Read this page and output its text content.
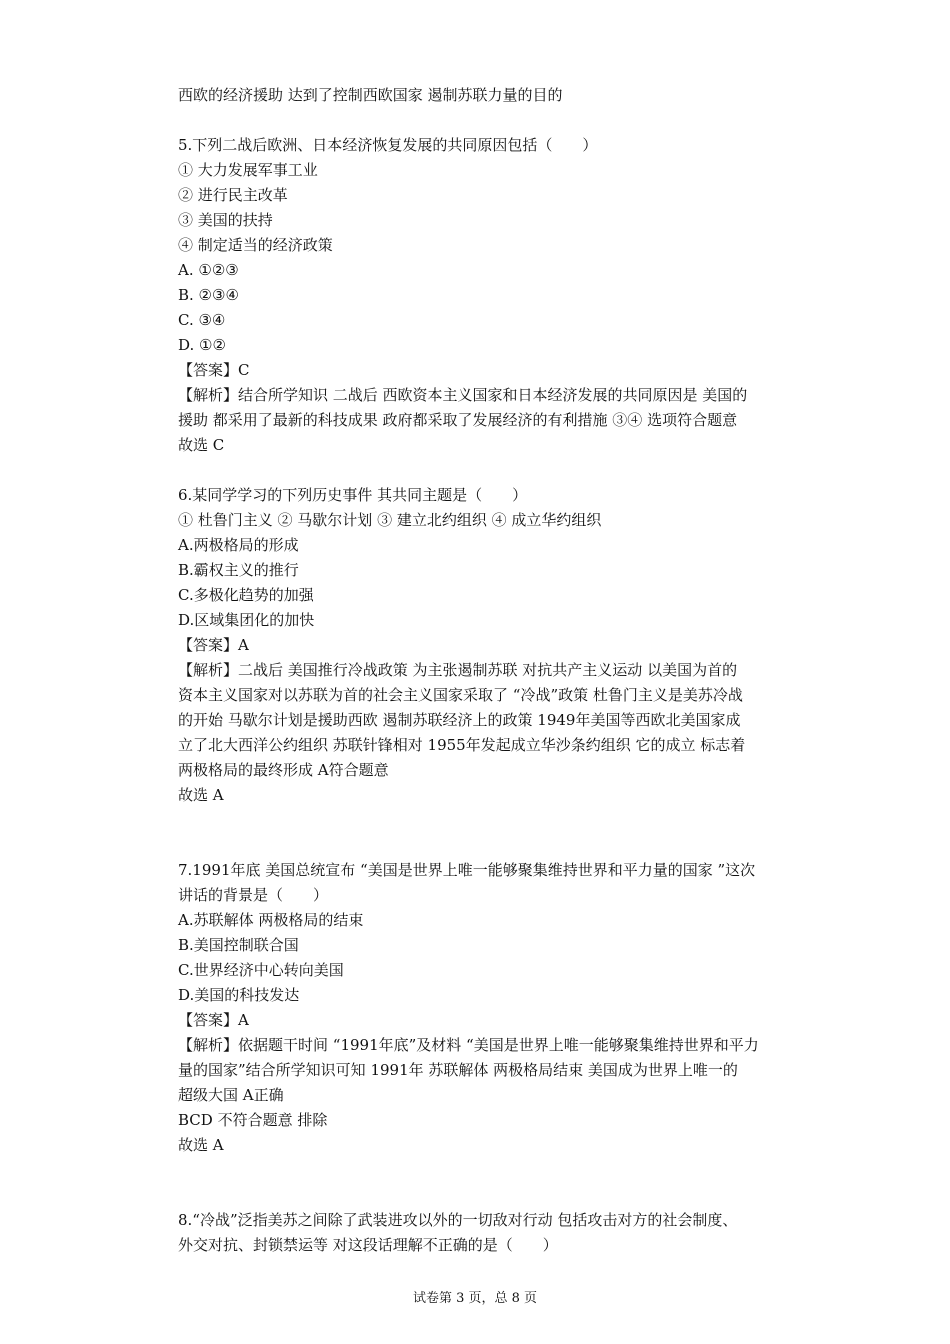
西欧的经济援助 达到了控制西欧国家 遏制苏联力量的目的
5.下列二战后欧洲、日本经济恢复发展的共同原因包括（　　）
① 大力发展军事工业
② 进行民主改革
③ 美国的扶持
④ 制定适当的经济政策
A. ①②③
B. ②③④
C. ③④
D. ①②
【答案】C
【解析】结合所学知识 二战后 西欧资本主义国家和日本经济发展的共同原因是 美国的
援助 都采用了最新的科技成果 政府都采取了发展经济的有利措施 ③④ 选项符合题意
故选 C
6.某同学学习的下列历史事件 其共同主题是（　　）
① 杜鲁门主义 ② 马歇尔计划 ③ 建立北约组织 ④ 成立华约组织
A.两极格局的形成
B.霸权主义的推行
C.多极化趋势的加强
D.区域集团化的加快
【答案】A
【解析】二战后 美国推行冷战政策 为主张遏制苏联 对抗共产主义运动 以美国为首的
资本主义国家对以苏联为首的社会主义国家采取了 “冷战”政策 杜鲁门主义是美苏冷战
的开始 马歇尔计划是援助西欧 遏制苏联经济上的政策 1949年美国等西欧北美国家成
立了北大西洋公约组织 苏联针锋相对 1955年发起成立华沙条约组织 它的成立 标志着
两极格局的最终形成 A符合题意
故选 A
7.1991年底 美国总统宣布 “美国是世界上唯一能够聚集维持世界和平力量的国家 ”这次
讲话的背景是（　　）
A.苏联解体 两极格局的结束
B.美国控制联合国
C.世界经济中心转向美国
D.美国的科技发达
【答案】A
【解析】依据题干时间 “1991年底”及材料 “美国是世界上唯一能够聚集维持世界和平力
量的国家”结合所学知识可知 1991年 苏联解体 两极格局结束 美国成为世界上唯一的
超级大国 A正确
BCD 不符合题意 排除
故选 A
8.“冷战”泛指美苏之间除了武装进攻以外的一切敌对行动 包括攻击对方的社会制度、
外交对抗、封锁禁运等 对这段话理解不正确的是（　　）
试卷第 3 页，总 8 页
